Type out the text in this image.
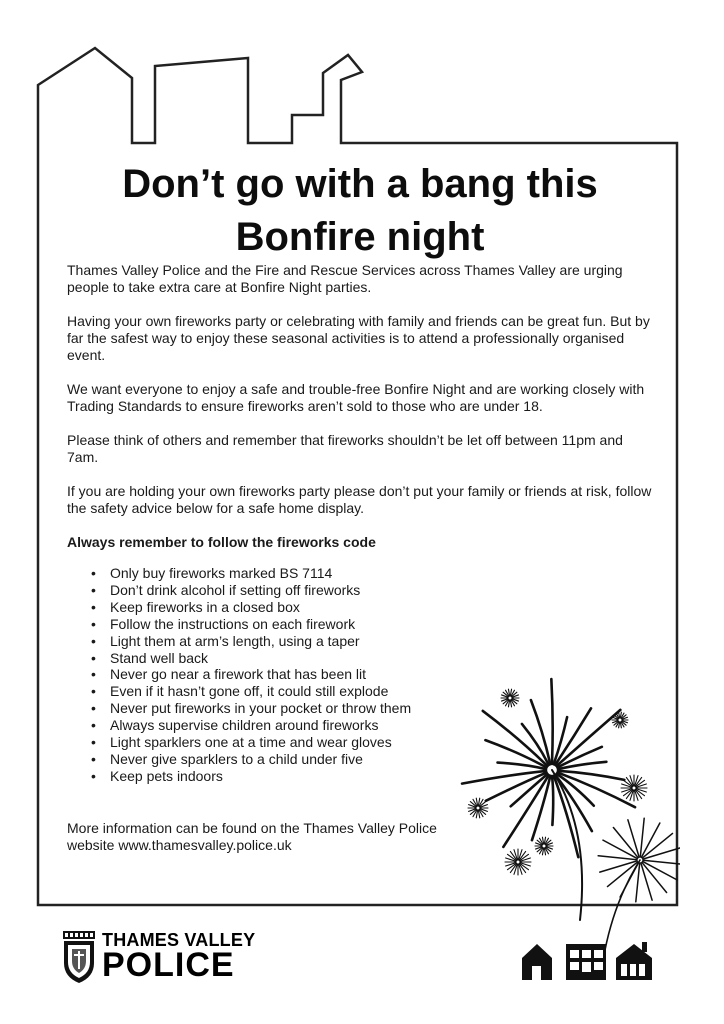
Don’t go with a bang this
Bonfire night

Thames Valley Police and the Fire and Rescue Services across Thames Valley are urging people to take extra care at Bonfire Night parties.

Having your own fireworks party or celebrating with family and friends can be great fun. But by far the safest way to enjoy these seasonal activities is to attend a professionally organised event.

We want everyone to enjoy a safe and trouble-free Bonfire Night and are working closely with Trading Standards to ensure fireworks aren’t sold to those who are under 18.

Please think of others and remember that fireworks shouldn’t be let off between 11pm and 7am.

If you are holding your own fireworks party please don’t put your family or friends at risk, follow the safety advice below for a safe home display.

Always remember to follow the fireworks code

• Only buy fireworks marked BS 7114
• Don’t drink alcohol if setting off fireworks
• Keep fireworks in a closed box
• Follow the instructions on each firework
• Light them at arm’s length, using a taper
• Stand well back
• Never go near a firework that has been lit
• Even if it hasn’t gone off, it could still explode
• Never put fireworks in your pocket or throw them
• Always supervise children around fireworks
• Light sparklers one at a time and wear gloves
• Never give sparklers to a child under five
• Keep pets indoors
More information can be found on the Thames Valley Police
website www.thamesvalley.police.uk
THAMES VALLEY
POLICE
